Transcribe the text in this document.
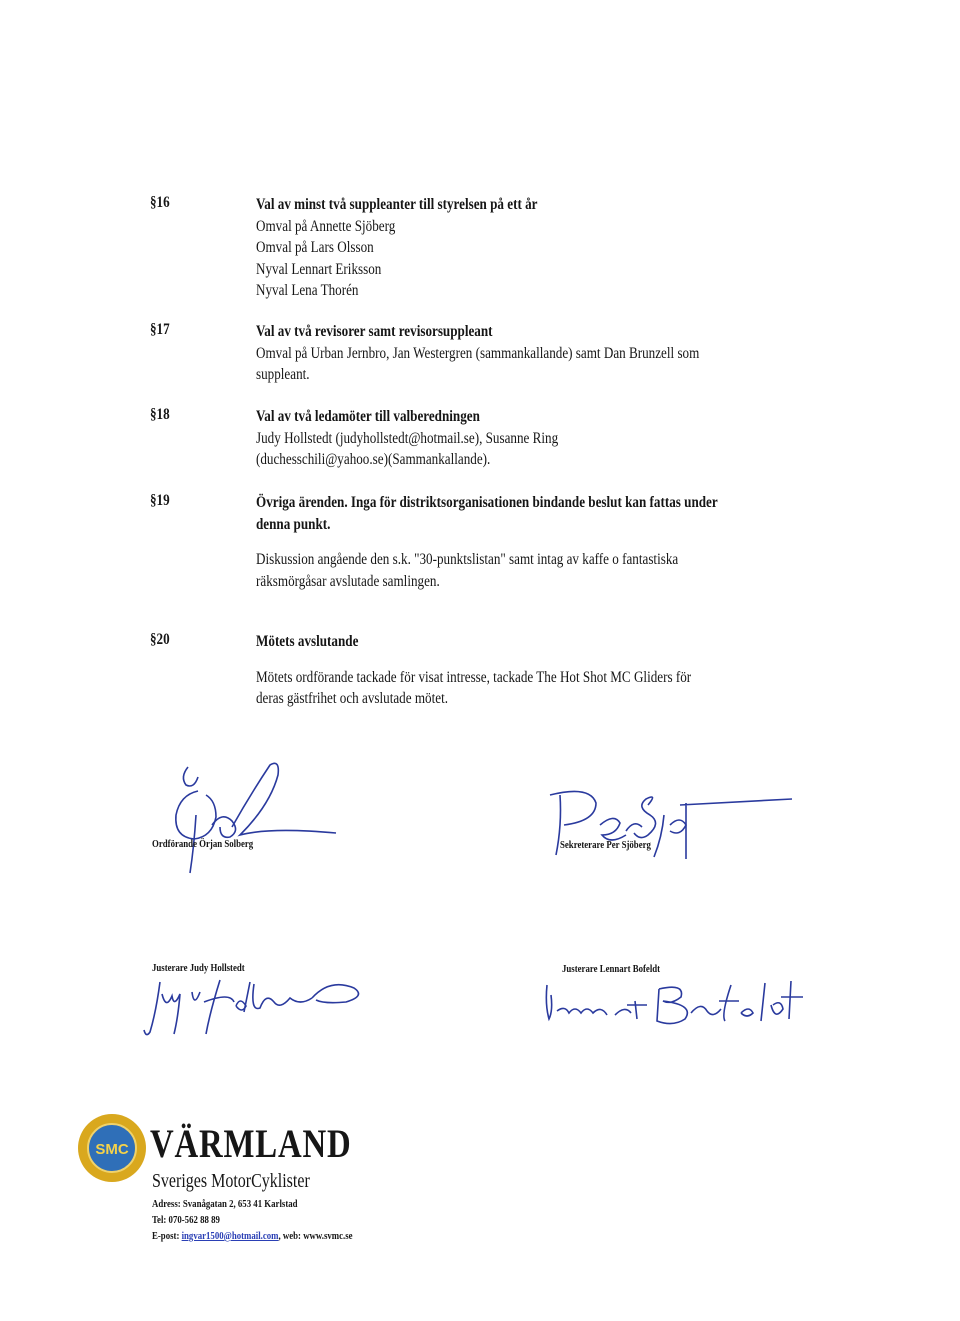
§16	Val av minst två suppleanter till styrelsen på ett år
Omval på Annette Sjöberg
Omval på Lars Olsson
Nyval Lennart Eriksson
Nyval Lena Thorén
§17	Val av två revisorer samt revisorsuppleant
Omval på Urban Jernbro, Jan Westergren (sammankallande) samt Dan Brunzell som
suppleant.
§18	Val av två ledamöter till valberedningen
Judy Hollstedt (judyhollstedt@hotmail.se), Susanne Ring
(duchesschili@yahoo.se)(Sammankallande).
§19	Övriga ärenden. Inga för distriktsorganisationen bindande beslut kan fattas under
denna punkt.
Diskussion angående den s.k. "30-punktslistan" samt intag av kaffe o fantastiska
räksmörgåsar avslutade samlingen.
§20	Mötets avslutande
Mötets ordförande tackade för visat intresse, tackade The Hot Shot MC Gliders för
deras gästfrihet och avslutade mötet.
Ordförande Örjan Solberg	Sekreterare Per Sjöberg
Justerare Judy Hollstedt	Justerare Lennart Bofeldt
SMC VÄRMLAND
Sveriges MotorCyklister
Adress: Svanågatan 2, 653 41 Karlstad
Tel: 070-562 88 89
E-post: ingvar1500@hotmail.com, web: www.svmc.se
